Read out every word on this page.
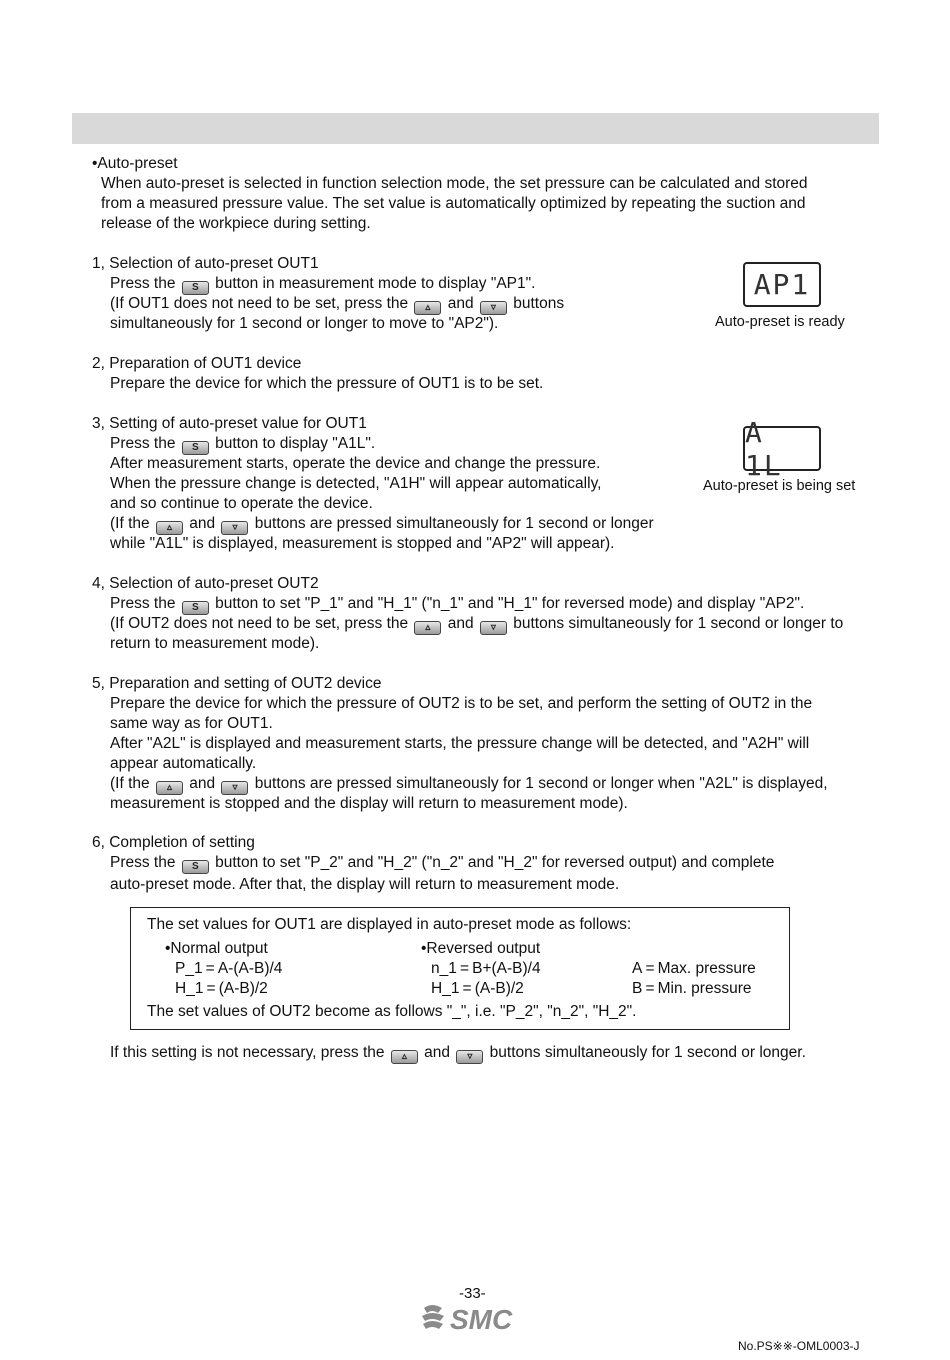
•Auto-preset
When auto-preset is selected in function selection mode, the set pressure can be calculated and stored
from a measured pressure value. The set value is automatically optimized by repeating the suction and
release of the workpiece during setting.
1, Selection of auto-preset OUT1
Press the S button in measurement mode to display "AP1".
(If OUT1 does not need to be set, press the ▵ and ▿ buttons
simultaneously for 1 second or longer to move to "AP2").
AP1
Auto-preset is ready
2, Preparation of OUT1 device
Prepare the device for which the pressure of OUT1 is to be set.
3, Setting of auto-preset value for OUT1
Press the S button to display "A1L".
After measurement starts, operate the device and change the pressure.
When the pressure change is detected, "A1H" will appear automatically,
and so continue to operate the device.
(If the ▵ and ▿ buttons are pressed simultaneously for 1 second or longer
while "A1L" is displayed, measurement is stopped and "AP2" will appear).
A 1L
Auto-preset is being set
4, Selection of auto-preset OUT2
Press the S button to set "P_1" and "H_1" ("n_1" and "H_1" for reversed mode) and display "AP2".
(If OUT2 does not need to be set, press the ▵ and ▿ buttons simultaneously for 1 second or longer to
return to measurement mode).
5, Preparation and setting of OUT2 device
Prepare the device for which the pressure of OUT2 is to be set, and perform the setting of OUT2 in the
same way as for OUT1.
After "A2L" is displayed and measurement starts, the pressure change will be detected, and "A2H" will
appear automatically.
(If the ▵ and ▿ buttons are pressed simultaneously for 1 second or longer when "A2L" is displayed,
measurement is stopped and the display will return to measurement mode).
6, Completion of setting
Press the S button to set "P_2" and "H_2" ("n_2" and "H_2" for reversed output) and complete
auto-preset mode. After that, the display will return to measurement mode.
The set values for OUT1 are displayed in auto-preset mode as follows:
•Normal output
P_1 = A-(A-B)/4
H_1 = (A-B)/2
•Reversed output
n_1 = B+(A-B)/4
H_1 = (A-B)/2
A = Max. pressure
B = Min. pressure
The set values of OUT2 become as follows "_", i.e. "P_2", "n_2", "H_2".
If this setting is not necessary, press the ▵ and ▿ buttons simultaneously for 1 second or longer.
-33-
SMC
No.PS※※-OML0003-J
